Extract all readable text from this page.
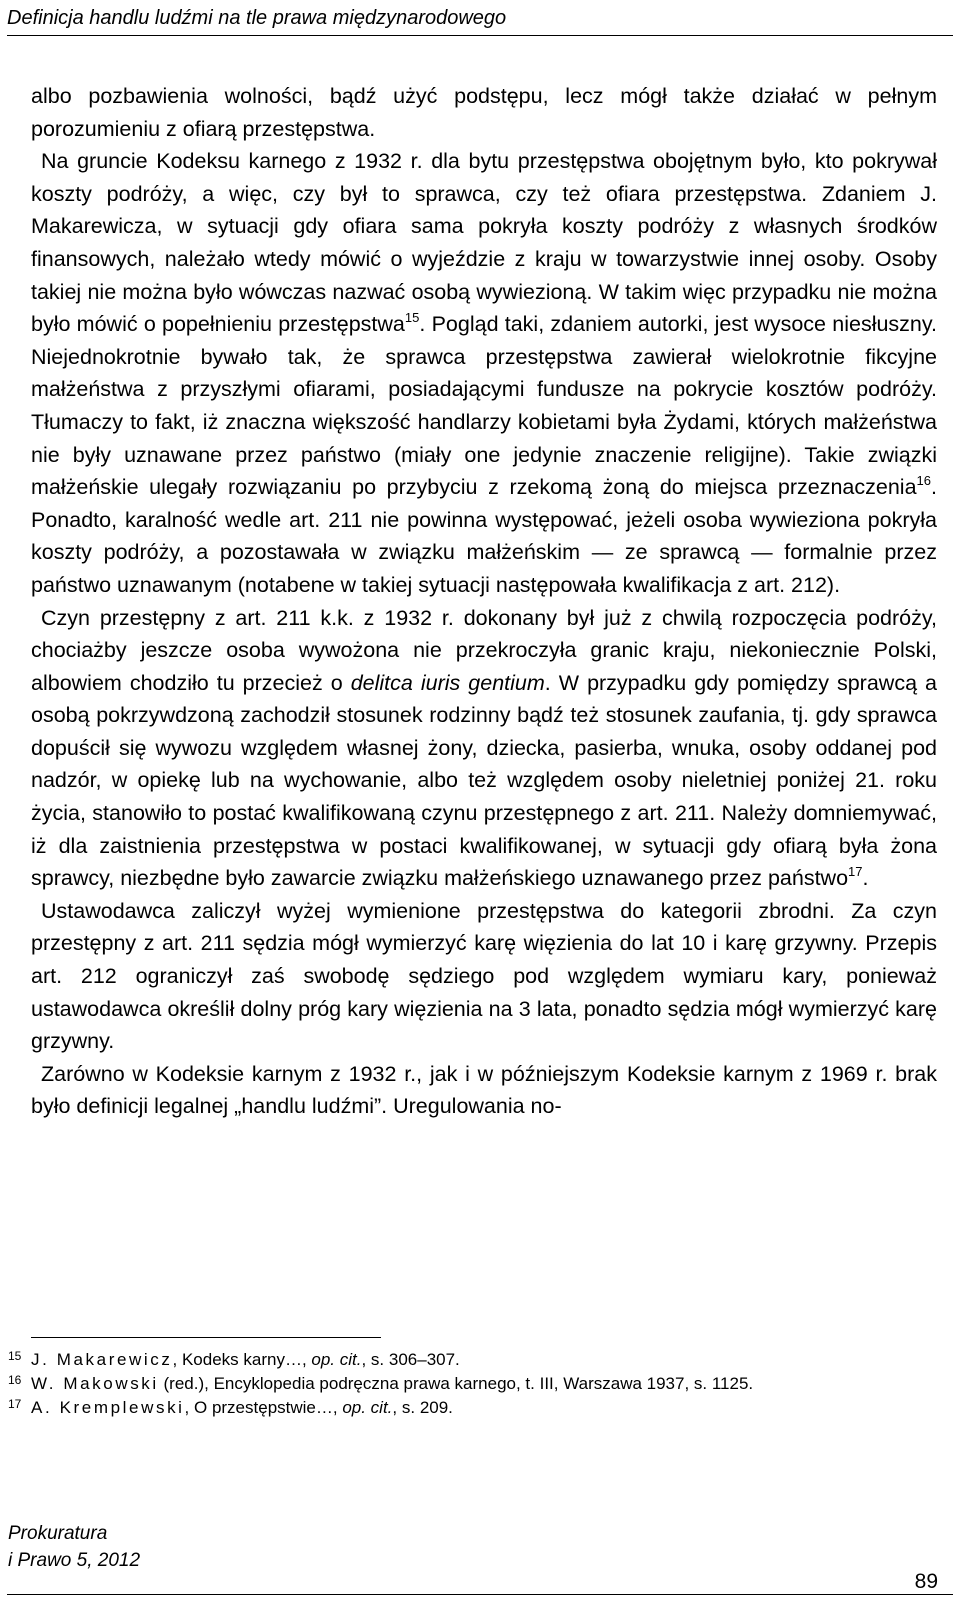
Definicja handlu ludźmi na tle prawa międzynarodowego

albo pozbawienia wolności, bądź użyć podstępu, lecz mógł także działać w pełnym porozumieniu z ofiarą przestępstwa.

Na gruncie Kodeksu karnego z 1932 r. dla bytu przestępstwa obojętnym było, kto pokrywał koszty podróży, a więc, czy był to sprawca, czy też ofiara przestępstwa. Zdaniem J. Makarewicza, w sytuacji gdy ofiara sama pokryła koszty podróży z własnych środków finansowych, należało wtedy mówić o wyjeździe z kraju w towarzystwie innej osoby. Osoby takiej nie można było wówczas nazwać osobą wywiezioną. W takim więc przypadku nie można było mówić o popełnieniu przestępstwa$^{15}$. Pogląd taki, zdaniem autorki, jest wysoce niesłuszny. Niejednokrotnie bywało tak, że sprawca przestępstwa zawierał wielokrotnie fikcyjne małżeństwa z przyszłymi ofiarami, posiadającymi fundusze na pokrycie kosztów podróży. Tłumaczy to fakt, iż znaczna większość handlarzy kobietami była Żydami, których małżeństwa nie były uznawane przez państwo (miały one jedynie znaczenie religijne). Takie związki małżeńskie ulegały rozwiązaniu po przybyciu z rzekomą żoną do miejsca przeznaczenia$^{16}$. Ponadto, karalność wedle art. 211 nie powinna występować, jeżeli osoba wywieziona pokryła koszty podróży, a pozostawała w związku małżeńskim — ze sprawcą — formalnie przez państwo uznawanym (notabene w takiej sytuacji następowała kwalifikacja z art. 212).

Czyn przestępny z art. 211 k.k. z 1932 r. dokonany był już z chwilą rozpoczęcia podróży, chociażby jeszcze osoba wywożona nie przekroczyła granic kraju, niekoniecznie Polski, albowiem chodziło tu przecież o delitca iuris gentium. W przypadku gdy pomiędzy sprawcą a osobą pokrzywdzoną zachodził stosunek rodzinny bądź też stosunek zaufania, tj. gdy sprawca dopuścił się wywozu względem własnej żony, dziecka, pasierba, wnuka, osoby oddanej pod nadzór, w opiekę lub na wychowanie, albo też względem osoby nieletniej poniżej 21. roku życia, stanowiło to postać kwalifikowaną czynu przestępnego z art. 211. Należy domniemywać, iż dla zaistnienia przestępstwa w postaci kwalifikowanej, w sytuacji gdy ofiarą była żona sprawcy, niezbędne było zawarcie związku małżeńskiego uznawanego przez państwo$^{17}$.

Ustawodawca zaliczył wyżej wymienione przestępstwa do kategorii zbrodni. Za czyn przestępny z art. 211 sędzia mógł wymierzyć karę więzienia do lat 10 i karę grzywny. Przepis art. 212 ograniczył zaś swobodę sędziego pod względem wymiaru kary, ponieważ ustawodawca określił dolny próg kary więzienia na 3 lata, ponadto sędzia mógł wymierzyć karę grzywny.

Zarówno w Kodeksie karnym z 1932 r., jak i w późniejszym Kodeksie karnym z 1969 r. brak było definicji legalnej „handlu ludźmi”. Uregulowania no-

15 J. Makarewicz, Kodeks karny…, op. cit., s. 306–307.
16 W. Makowski (red.), Encyklopedia podręczna prawa karnego, t. III, Warszawa 1937, s. 1125.
17 A. Kremplewski, O przestępstwie…, op. cit., s. 209.
Prokuratura
i Prawo 5, 2012
89
